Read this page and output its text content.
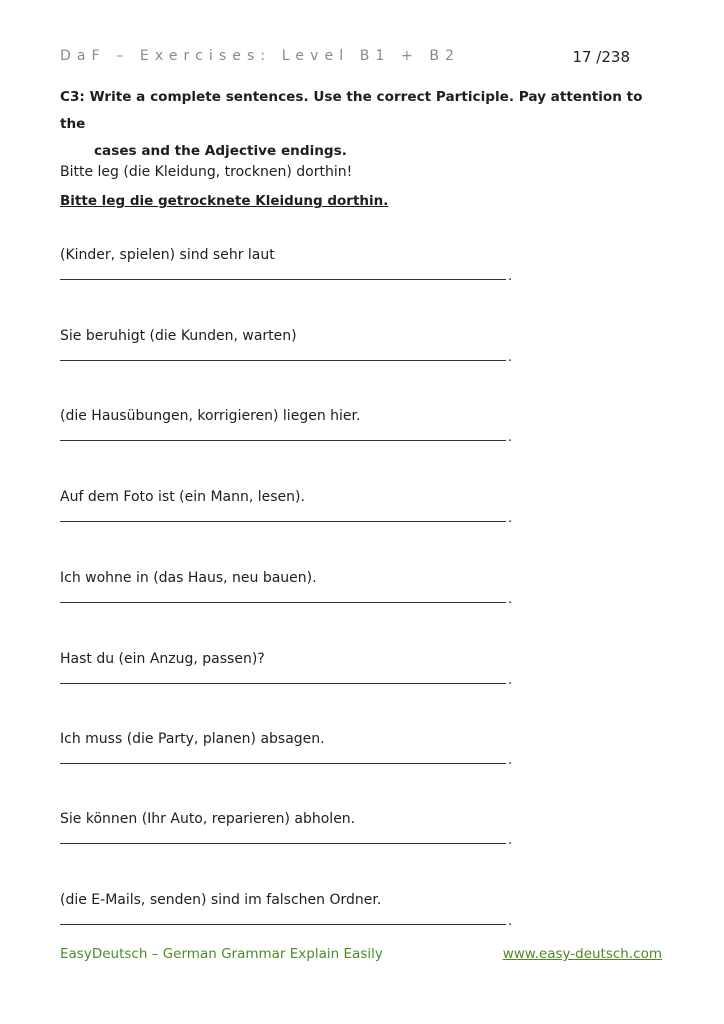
DaF – Exercises: Level B1 + B2	17 /238
C3: Write a complete sentences. Use the correct Participle. Pay attention to the
cases and the Adjective endings.
Bitte leg (die Kleidung, trocknen) dorthin!
Bitte leg die getrocknete Kleidung dorthin.
(Kinder, spielen) sind sehr laut
.
Sie beruhigt (die Kunden, warten)
.
(die Hausübungen, korrigieren) liegen hier.
.
Auf dem Foto ist (ein Mann, lesen).
.
Ich wohne in (das Haus, neu bauen).
.
Hast du (ein Anzug, passen)?
.
Ich muss (die Party, planen) absagen.
.
Sie können (Ihr Auto, reparieren) abholen.
.
(die E-Mails, senden) sind im falschen Ordner.
.
EasyDeutsch – German Grammar Explain Easily	www.easy-deutsch.com
